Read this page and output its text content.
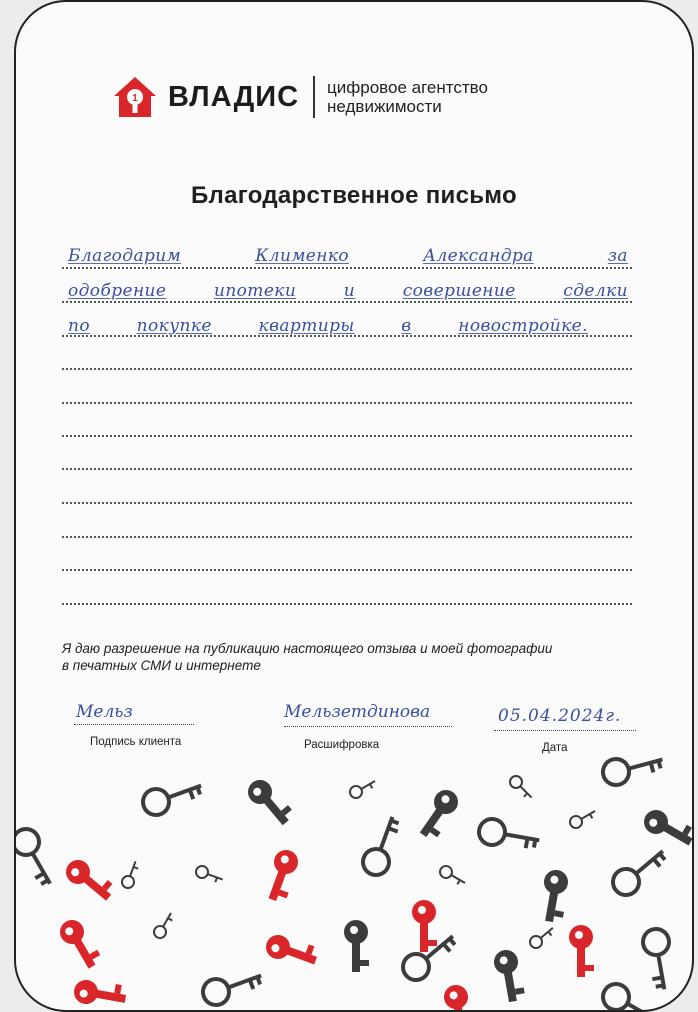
1 ВЛАДИС цифровое агентство
недвижимости
Благодарственное письмо
Благодарим	Клименко	Александра	за
одобрение	ипотеки	и	совершение	сделки
по	покупке	квартиры	в	новостройке.
Я даю разрешение на публикацию настоящего отзыва и моей фотографии
в печатных СМИ и интернете
Мельз
Подпись клиента
Мельзетдинова
Расшифровка
05.04.2024г.
Дата
